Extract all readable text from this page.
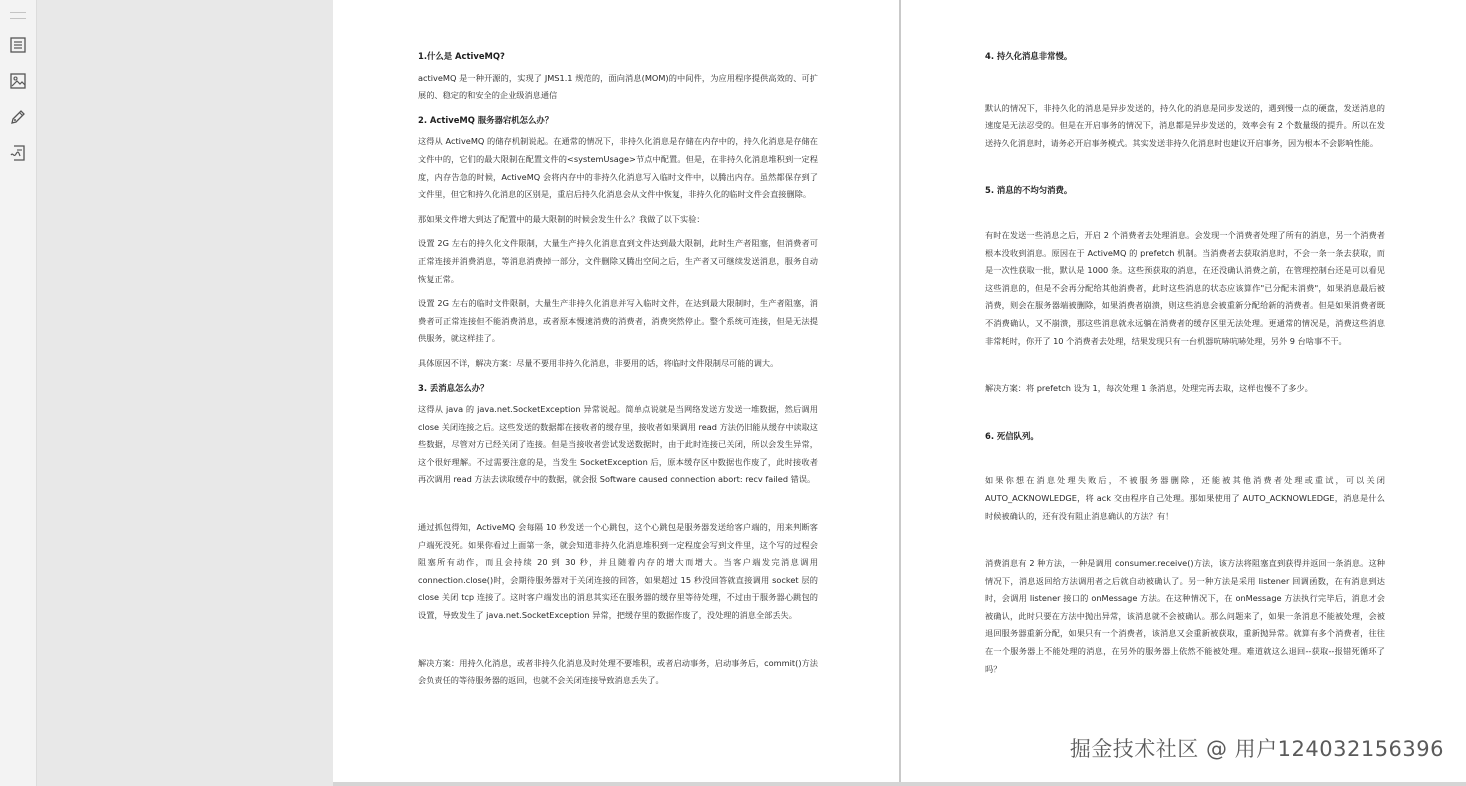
1.什么是 ActiveMQ?

activeMQ 是一种开源的，实现了 JMS1.1 规范的，面向消息(MOM)的中间件，为应用程序提供高效的、可扩展的、稳定的和安全的企业级消息通信

2. ActiveMQ 服务器宕机怎么办？

这得从 ActiveMQ 的储存机制说起。在通常的情况下，非持久化消息是存储在内存中的，持久化消息是存储在文件中的，它们的最大限制在配置文件的<systemUsage>节点中配置。但是，在非持久化消息堆积到一定程度，内存告急的时候，ActiveMQ 会将内存中的非持久化消息写入临时文件中，以腾出内存。虽然都保存到了文件里，但它和持久化消息的区别是，重启后持久化消息会从文件中恢复，非持久化的临时文件会直接删除。

那如果文件增大到达了配置中的最大限制的时候会发生什么？我做了以下实验：

设置 2G 左右的持久化文件限制，大量生产持久化消息直到文件达到最大限制，此时生产者阻塞，但消费者可正常连接并消费消息，等消息消费掉一部分，文件删除又腾出空间之后，生产者又可继续发送消息，服务自动恢复正常。

设置 2G 左右的临时文件限制，大量生产非持久化消息并写入临时文件，在达到最大限制时，生产者阻塞，消费者可正常连接但不能消费消息，或者原本慢速消费的消费者，消费突然停止。整个系统可连接，但是无法提供服务，就这样挂了。

具体原因不详，解决方案：尽量不要用非持久化消息，非要用的话，将临时文件限制尽可能的调大。

3. 丢消息怎么办？

这得从 java 的 java.net.SocketException 异常说起。简单点说就是当网络发送方发送一堆数据，然后调用 close 关闭连接之后。这些发送的数据都在接收者的缓存里，接收者如果调用 read 方法仍旧能从缓存中读取这些数据，尽管对方已经关闭了连接。但是当接收者尝试发送数据时，由于此时连接已关闭，所以会发生异常，这个很好理解。不过需要注意的是，当发生 SocketException 后，原本缓存区中数据也作废了，此时接收者再次调用 read 方法去读取缓存中的数据，就会报 Software caused connection abort: recv failed 错误。

通过抓包得知，ActiveMQ 会每隔 10 秒发送一个心跳包，这个心跳包是服务器发送给客户端的，用来判断客户端死没死。如果你看过上面第一条，就会知道非持久化消息堆积到一定程度会写到文件里，这个写的过程会阻塞所有动作，而且会持续 20 到 30 秒，并且随着内存的增大而增大。当客户端发完消息调用 connection.close()时，会期待服务器对于关闭连接的回答，如果超过 15 秒没回答就直接调用 socket 层的 close 关闭 tcp 连接了。这时客户端发出的消息其实还在服务器的缓存里等待处理，不过由于服务器心跳包的设置，导致发生了 java.net.SocketException 异常，把缓存里的数据作废了，没处理的消息全部丢失。

解决方案：用持久化消息，或者非持久化消息及时处理不要堆积，或者启动事务，启动事务后，commit()方法会负责任的等待服务器的返回，也就不会关闭连接导致消息丢失了。

4. 持久化消息非常慢。

默认的情况下，非持久化的消息是异步发送的，持久化的消息是同步发送的，遇到慢一点的硬盘，发送消息的速度是无法忍受的。但是在开启事务的情况下，消息都是异步发送的，效率会有 2 个数量级的提升。所以在发送持久化消息时，请务必开启事务模式。其实发送非持久化消息时也建议开启事务，因为根本不会影响性能。

5. 消息的不均匀消费。

有时在发送一些消息之后，开启 2 个消费者去处理消息。会发现一个消费者处理了所有的消息，另一个消费者根本没收到消息。原因在于 ActiveMQ 的 prefetch 机制。当消费者去获取消息时，不会一条一条去获取，而是一次性获取一批，默认是 1000 条。这些预获取的消息，在还没确认消费之前，在管理控制台还是可以看见这些消息的，但是不会再分配给其他消费者，此时这些消息的状态应该算作"已分配未消费"，如果消息最后被消费，则会在服务器端被删除，如果消费者崩溃，则这些消息会被重新分配给新的消费者。但是如果消费者既不消费确认，又不崩溃，那这些消息就永远躺在消费者的缓存区里无法处理。更通常的情况是，消费这些消息非常耗时，你开了 10 个消费者去处理，结果发现只有一台机器吭哧吭哧处理，另外 9 台啥事不干。

解决方案：将 prefetch 设为 1，每次处理 1 条消息，处理完再去取，这样也慢不了多少。

6. 死信队列。

如果你想在消息处理失败后，不被服务器删除，还能被其他消费者处理或重试，可以关闭 AUTO_ACKNOWLEDGE，将 ack 交由程序自己处理。那如果使用了 AUTO_ACKNOWLEDGE，消息是什么时候被确认的，还有没有阻止消息确认的方法？有！

消费消息有 2 种方法，一种是调用 consumer.receive()方法，该方法将阻塞直到获得并返回一条消息。这种情况下，消息返回给方法调用者之后就自动被确认了。另一种方法是采用 listener 回调函数，在有消息到达时，会调用 listener 接口的 onMessage 方法。在这种情况下，在 onMessage 方法执行完毕后，消息才会被确认，此时只要在方法中抛出异常，该消息就不会被确认。那么问题来了，如果一条消息不能被处理，会被退回服务器重新分配，如果只有一个消费者，该消息又会重新被获取，重新抛异常。就算有多个消费者，往往在一个服务器上不能处理的消息，在另外的服务器上依然不能被处理。难道就这么退回--获取--报错死循环了吗？

掘金技术社区 @ 用户124032156396
